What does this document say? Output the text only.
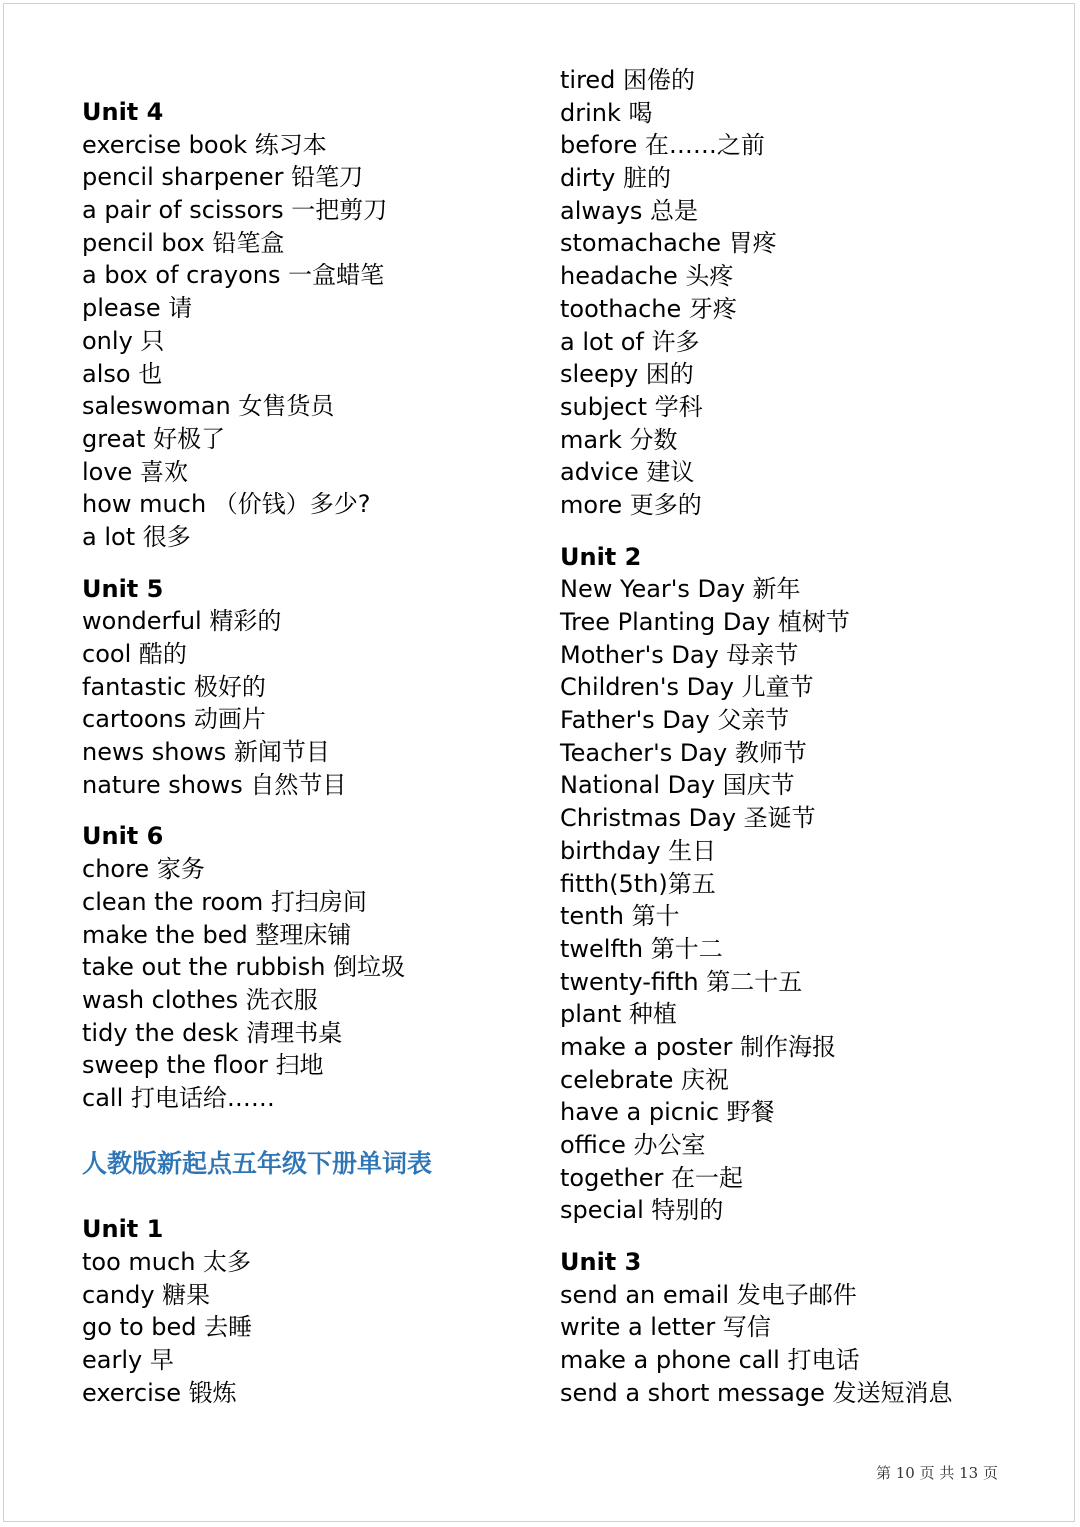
Unit 4
exercise book 练习本
pencil sharpener 铅笔刀
a pair of scissors 一把剪刀
pencil box 铅笔盒
a box of crayons 一盒蜡笔
please 请
only 只
also 也
saleswoman 女售货员
great 好极了
love 喜欢
how much （价钱）多少?
a lot 很多
Unit 5
wonderful 精彩的
cool 酷的
fantastic 极好的
cartoons 动画片
news shows 新闻节目
nature shows 自然节目
Unit 6
chore 家务
clean the room 打扫房间
make the bed 整理床铺
take out the rubbish 倒垃圾
wash clothes 洗衣服
tidy the desk 清理书桌
sweep the floor 扫地
call 打电话给……
人教版新起点五年级下册单词表
Unit 1
too much 太多
candy 糖果
go to bed 去睡
early 早
exercise 锻炼
tired 困倦的
drink 喝
before 在……之前
dirty 脏的
always 总是
stomachache 胃疼
headache 头疼
toothache 牙疼
a lot of 许多
sleepy 困的
subject 学科
mark 分数
advice 建议
more 更多的
Unit 2
New Year's Day 新年
Tree Planting Day 植树节
Mother's Day 母亲节
Children's Day 儿童节
Father's Day 父亲节
Teacher's Day 教师节
National Day 国庆节
Christmas Day 圣诞节
birthday 生日
fitth(5th)第五
tenth 第十
twelfth 第十二
twenty-fifth 第二十五
plant 种植
make a poster 制作海报
celebrate 庆祝
have a picnic 野餐
office 办公室
together 在一起
special 特别的
Unit 3
send an email 发电子邮件
write a letter 写信
make a phone call 打电话
send a short message 发送短消息
第 10 页 共 13 页
